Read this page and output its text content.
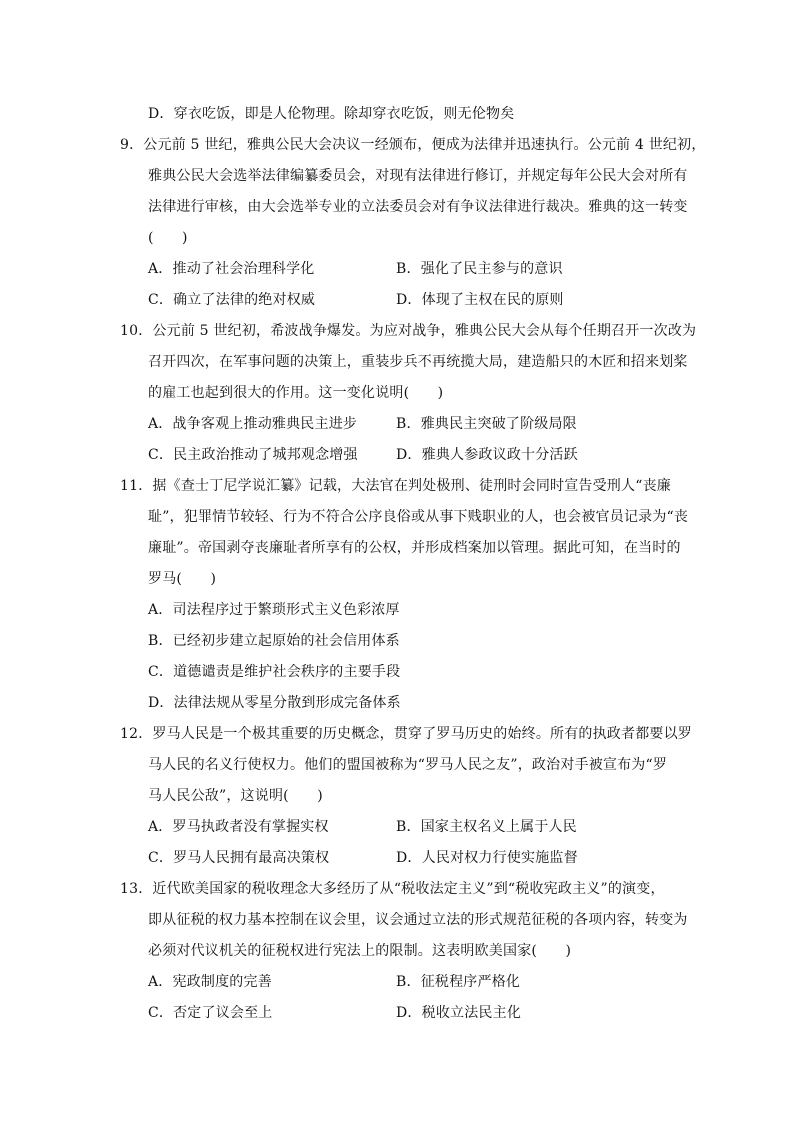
D．穿衣吃饭，即是人伦物理。除却穿衣吃饭，则无伦物矣
9．公元前 5 世纪，雅典公民大会决议一经颁布，便成为法律并迅速执行。公元前 4 世纪初，
雅典公民大会选举法律编纂委员会，对现有法律进行修订，并规定每年公民大会对所有
法律进行审核，由大会选举专业的立法委员会对有争议法律进行裁决。雅典的这一转变
(　　)
A．推动了社会治理科学化	B．强化了民主参与的意识
C．确立了法律的绝对权威	D．体现了主权在民的原则
10．公元前 5 世纪初，希波战争爆发。为应对战争，雅典公民大会从每个任期召开一次改为
召开四次，在军事问题的决策上，重装步兵不再统揽大局，建造船只的木匠和招来划桨
的雇工也起到很大的作用。这一变化说明(　　)
A．战争客观上推动雅典民主进步	B．雅典民主突破了阶级局限
C．民主政治推动了城邦观念增强	D．雅典人参政议政十分活跃
11．据《查士丁尼学说汇纂》记载，大法官在判处极刑、徒刑时会同时宣告受刑人“丧廉
耻”，犯罪情节较轻、行为不符合公序良俗或从事下贱职业的人，也会被官员记录为“丧
廉耻”。帝国剥夺丧廉耻者所享有的公权，并形成档案加以管理。据此可知，在当时的
罗马(　　)
A．司法程序过于繁琐形式主义色彩浓厚
B．已经初步建立起原始的社会信用体系
C．道德谴责是维护社会秩序的主要手段
D．法律法规从零星分散到形成完备体系
12．罗马人民是一个极其重要的历史概念，贯穿了罗马历史的始终。所有的执政者都要以罗
马人民的名义行使权力。他们的盟国被称为“罗马人民之友”，政治对手被宣布为“罗
马人民公敌”，这说明(　　)
A．罗马执政者没有掌握实权	B．国家主权名义上属于人民
C．罗马人民拥有最高决策权	D．人民对权力行使实施监督
13．近代欧美国家的税收理念大多经历了从“税收法定主义”到“税收宪政主义”的演变，
即从征税的权力基本控制在议会里，议会通过立法的形式规范征税的各项内容，转变为
必须对代议机关的征税权进行宪法上的限制。这表明欧美国家(　　)
A．宪政制度的完善	B．征税程序严格化
C．否定了议会至上	D．税收立法民主化
